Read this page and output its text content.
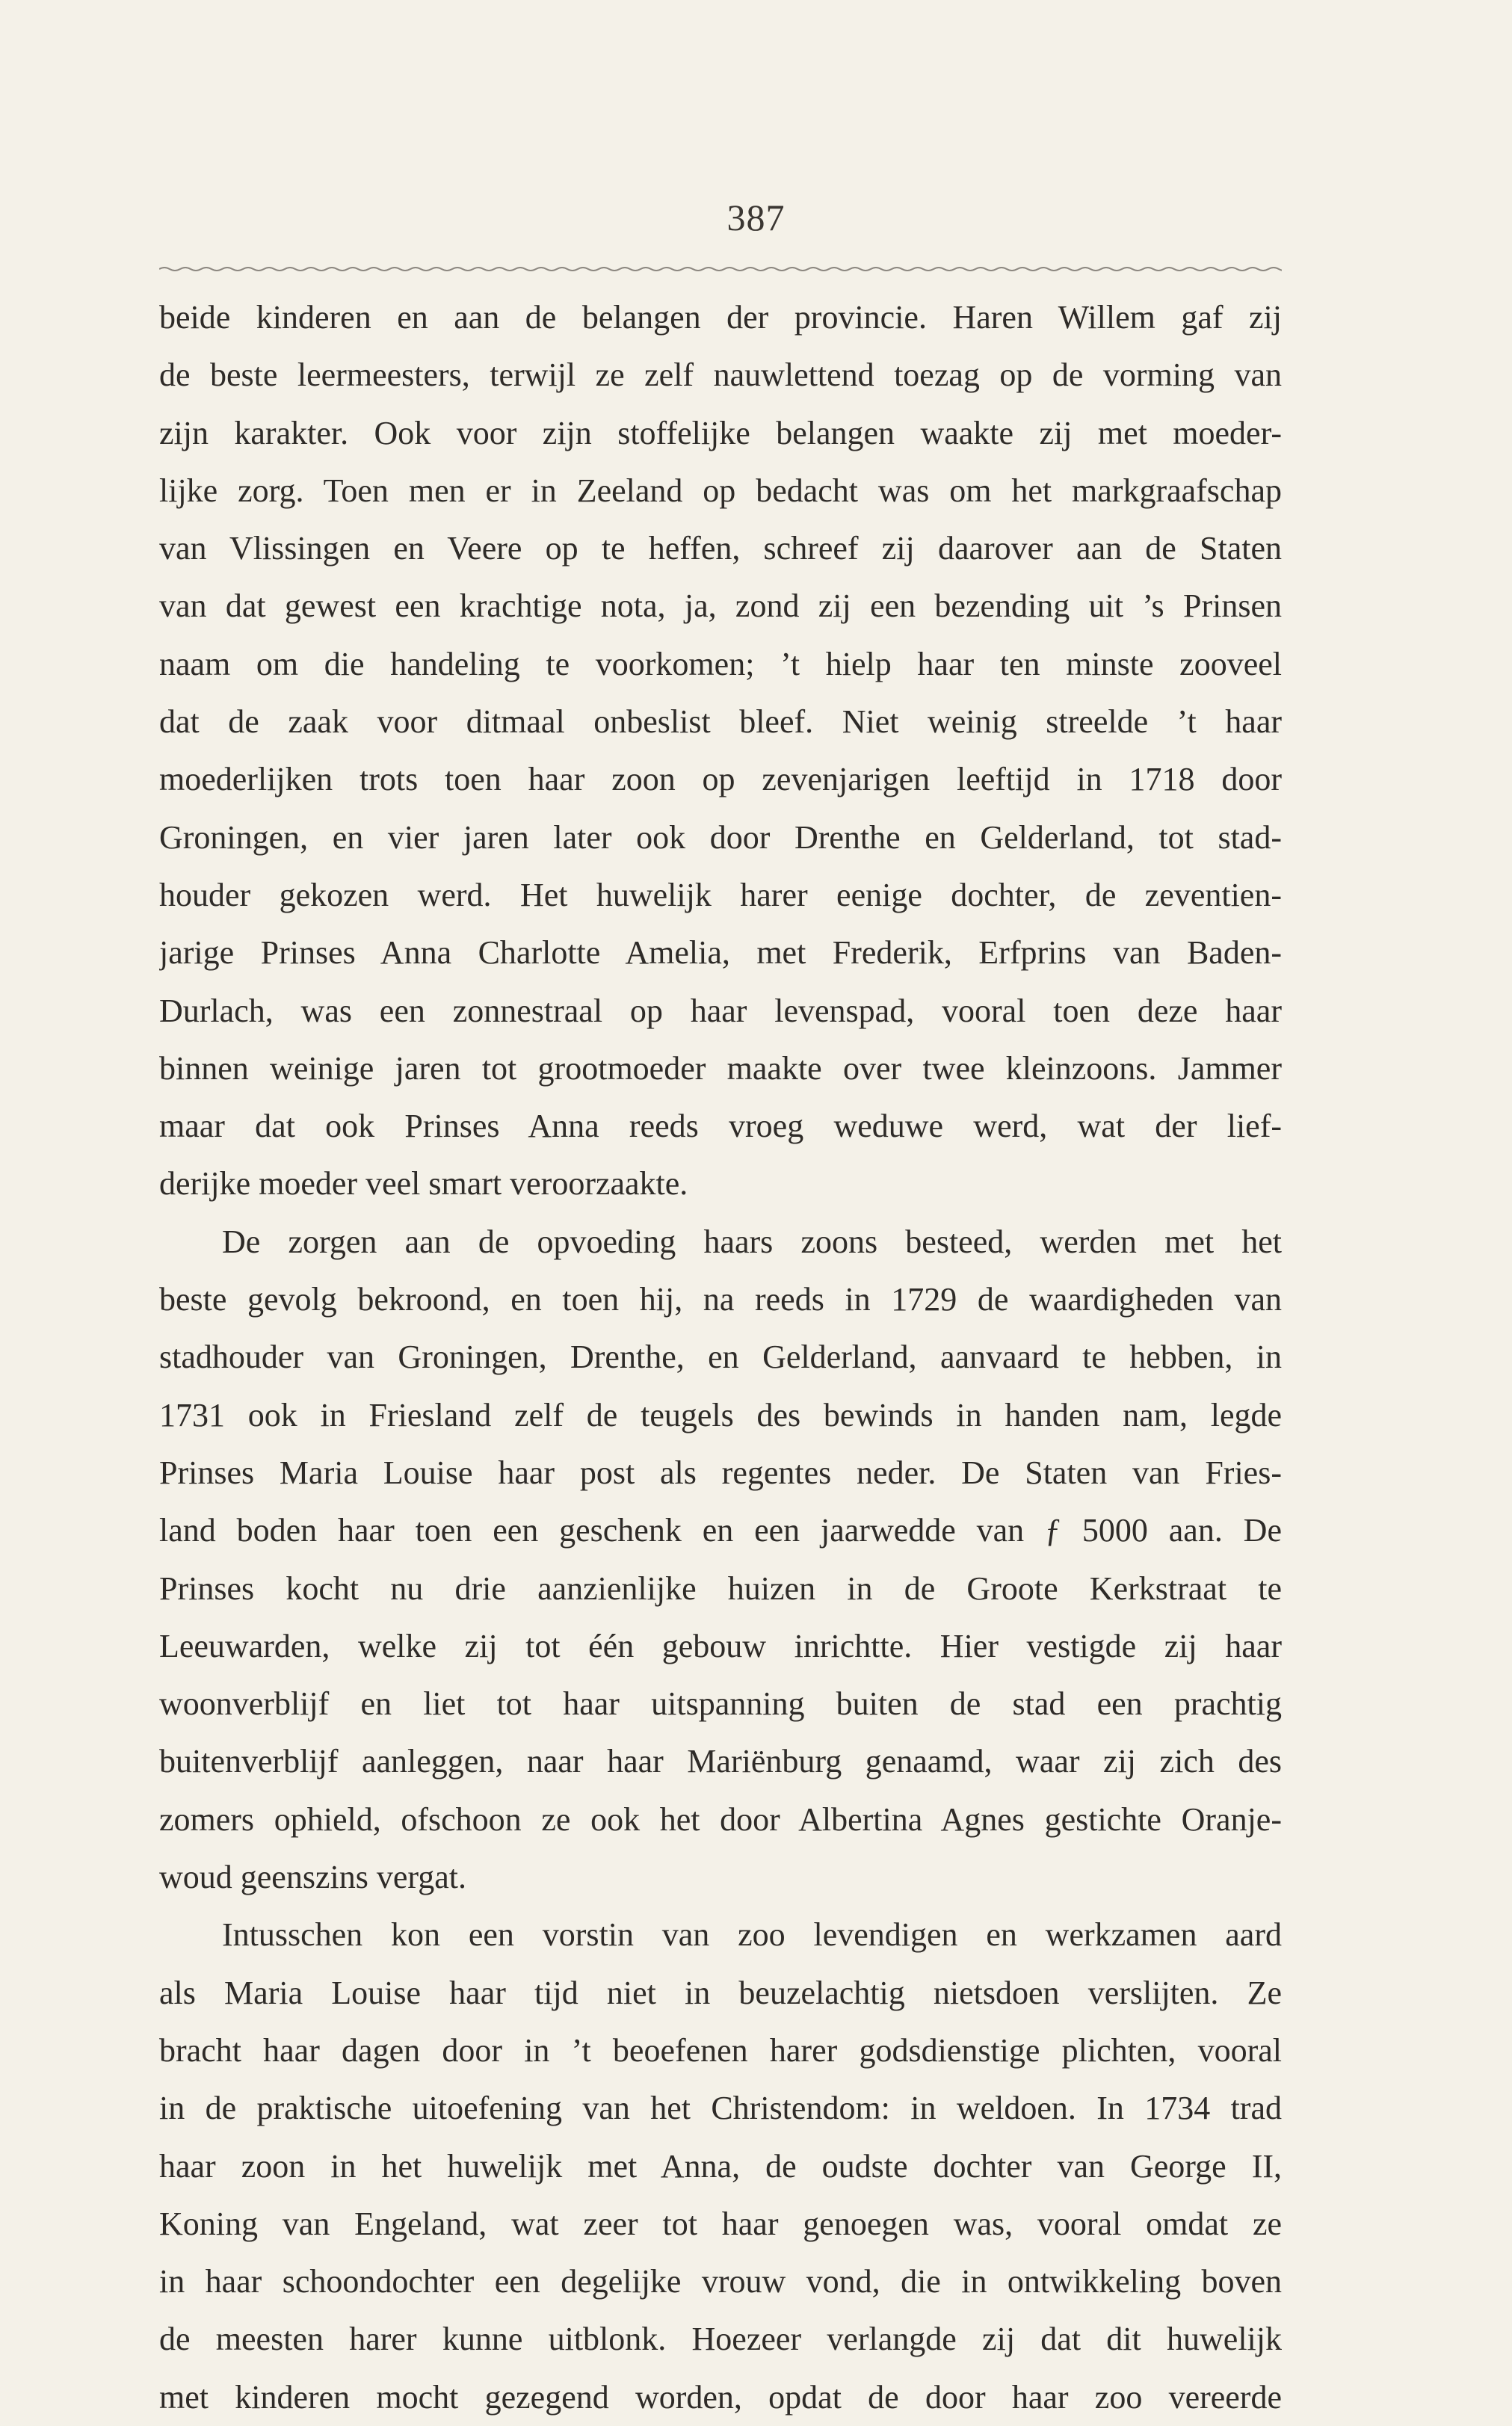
387
beide kinderen en aan de belangen der provincie. Haren Willem gaf zij
de beste leermeesters, terwijl ze zelf nauwlettend toezag op de vorming van
zijn karakter. Ook voor zijn stoffelijke belangen waakte zij met moeder-
lijke zorg. Toen men er in Zeeland op bedacht was om het markgraafschap
van Vlissingen en Veere op te heffen, schreef zij daarover aan de Staten
van dat gewest een krachtige nota, ja, zond zij een bezending uit ’s Prinsen
naam om die handeling te voorkomen; ’t hielp haar ten minste zooveel
dat de zaak voor ditmaal onbeslist bleef. Niet weinig streelde ’t haar
moederlijken trots toen haar zoon op zevenjarigen leeftijd in 1718 door
Groningen, en vier jaren later ook door Drenthe en Gelderland, tot stad-
houder gekozen werd. Het huwelijk harer eenige dochter, de zeventien-
jarige Prinses Anna Charlotte Amelia, met Frederik, Erfprins van Baden-
Durlach, was een zonnestraal op haar levenspad, vooral toen deze haar
binnen weinige jaren tot grootmoeder maakte over twee kleinzoons. Jammer
maar dat ook Prinses Anna reeds vroeg weduwe werd, wat der lief-
derijke moeder veel smart veroorzaakte.
De zorgen aan de opvoeding haars zoons besteed, werden met het
beste gevolg bekroond, en toen hij, na reeds in 1729 de waardigheden van
stadhouder van Groningen, Drenthe, en Gelderland, aanvaard te hebben, in
1731 ook in Friesland zelf de teugels des bewinds in handen nam, legde
Prinses Maria Louise haar post als regentes neder. De Staten van Fries-
land boden haar toen een geschenk en een jaarwedde van ƒ 5000 aan. De
Prinses kocht nu drie aanzienlijke huizen in de Groote Kerkstraat te
Leeuwarden, welke zij tot één gebouw inrichtte. Hier vestigde zij haar
woonverblijf en liet tot haar uitspanning buiten de stad een prachtig
buitenverblijf aanleggen, naar haar Mariënburg genaamd, waar zij zich des
zomers ophield, ofschoon ze ook het door Albertina Agnes gestichte Oranje-
woud geenszins vergat.
Intusschen kon een vorstin van zoo levendigen en werkzamen aard
als Maria Louise haar tijd niet in beuzelachtig nietsdoen verslijten. Ze
bracht haar dagen door in ’t beoefenen harer godsdienstige plichten, vooral
in de praktische uitoefening van het Christendom: in weldoen. In 1734 trad
haar zoon in het huwelijk met Anna, de oudste dochter van George II,
Koning van Engeland, wat zeer tot haar genoegen was, vooral omdat ze
in haar schoondochter een degelijke vrouw vond, die in ontwikkeling boven
de meesten harer kunne uitblonk. Hoezeer verlangde zij dat dit huwelijk
met kinderen mocht gezegend worden, opdat de door haar zoo vereerde
